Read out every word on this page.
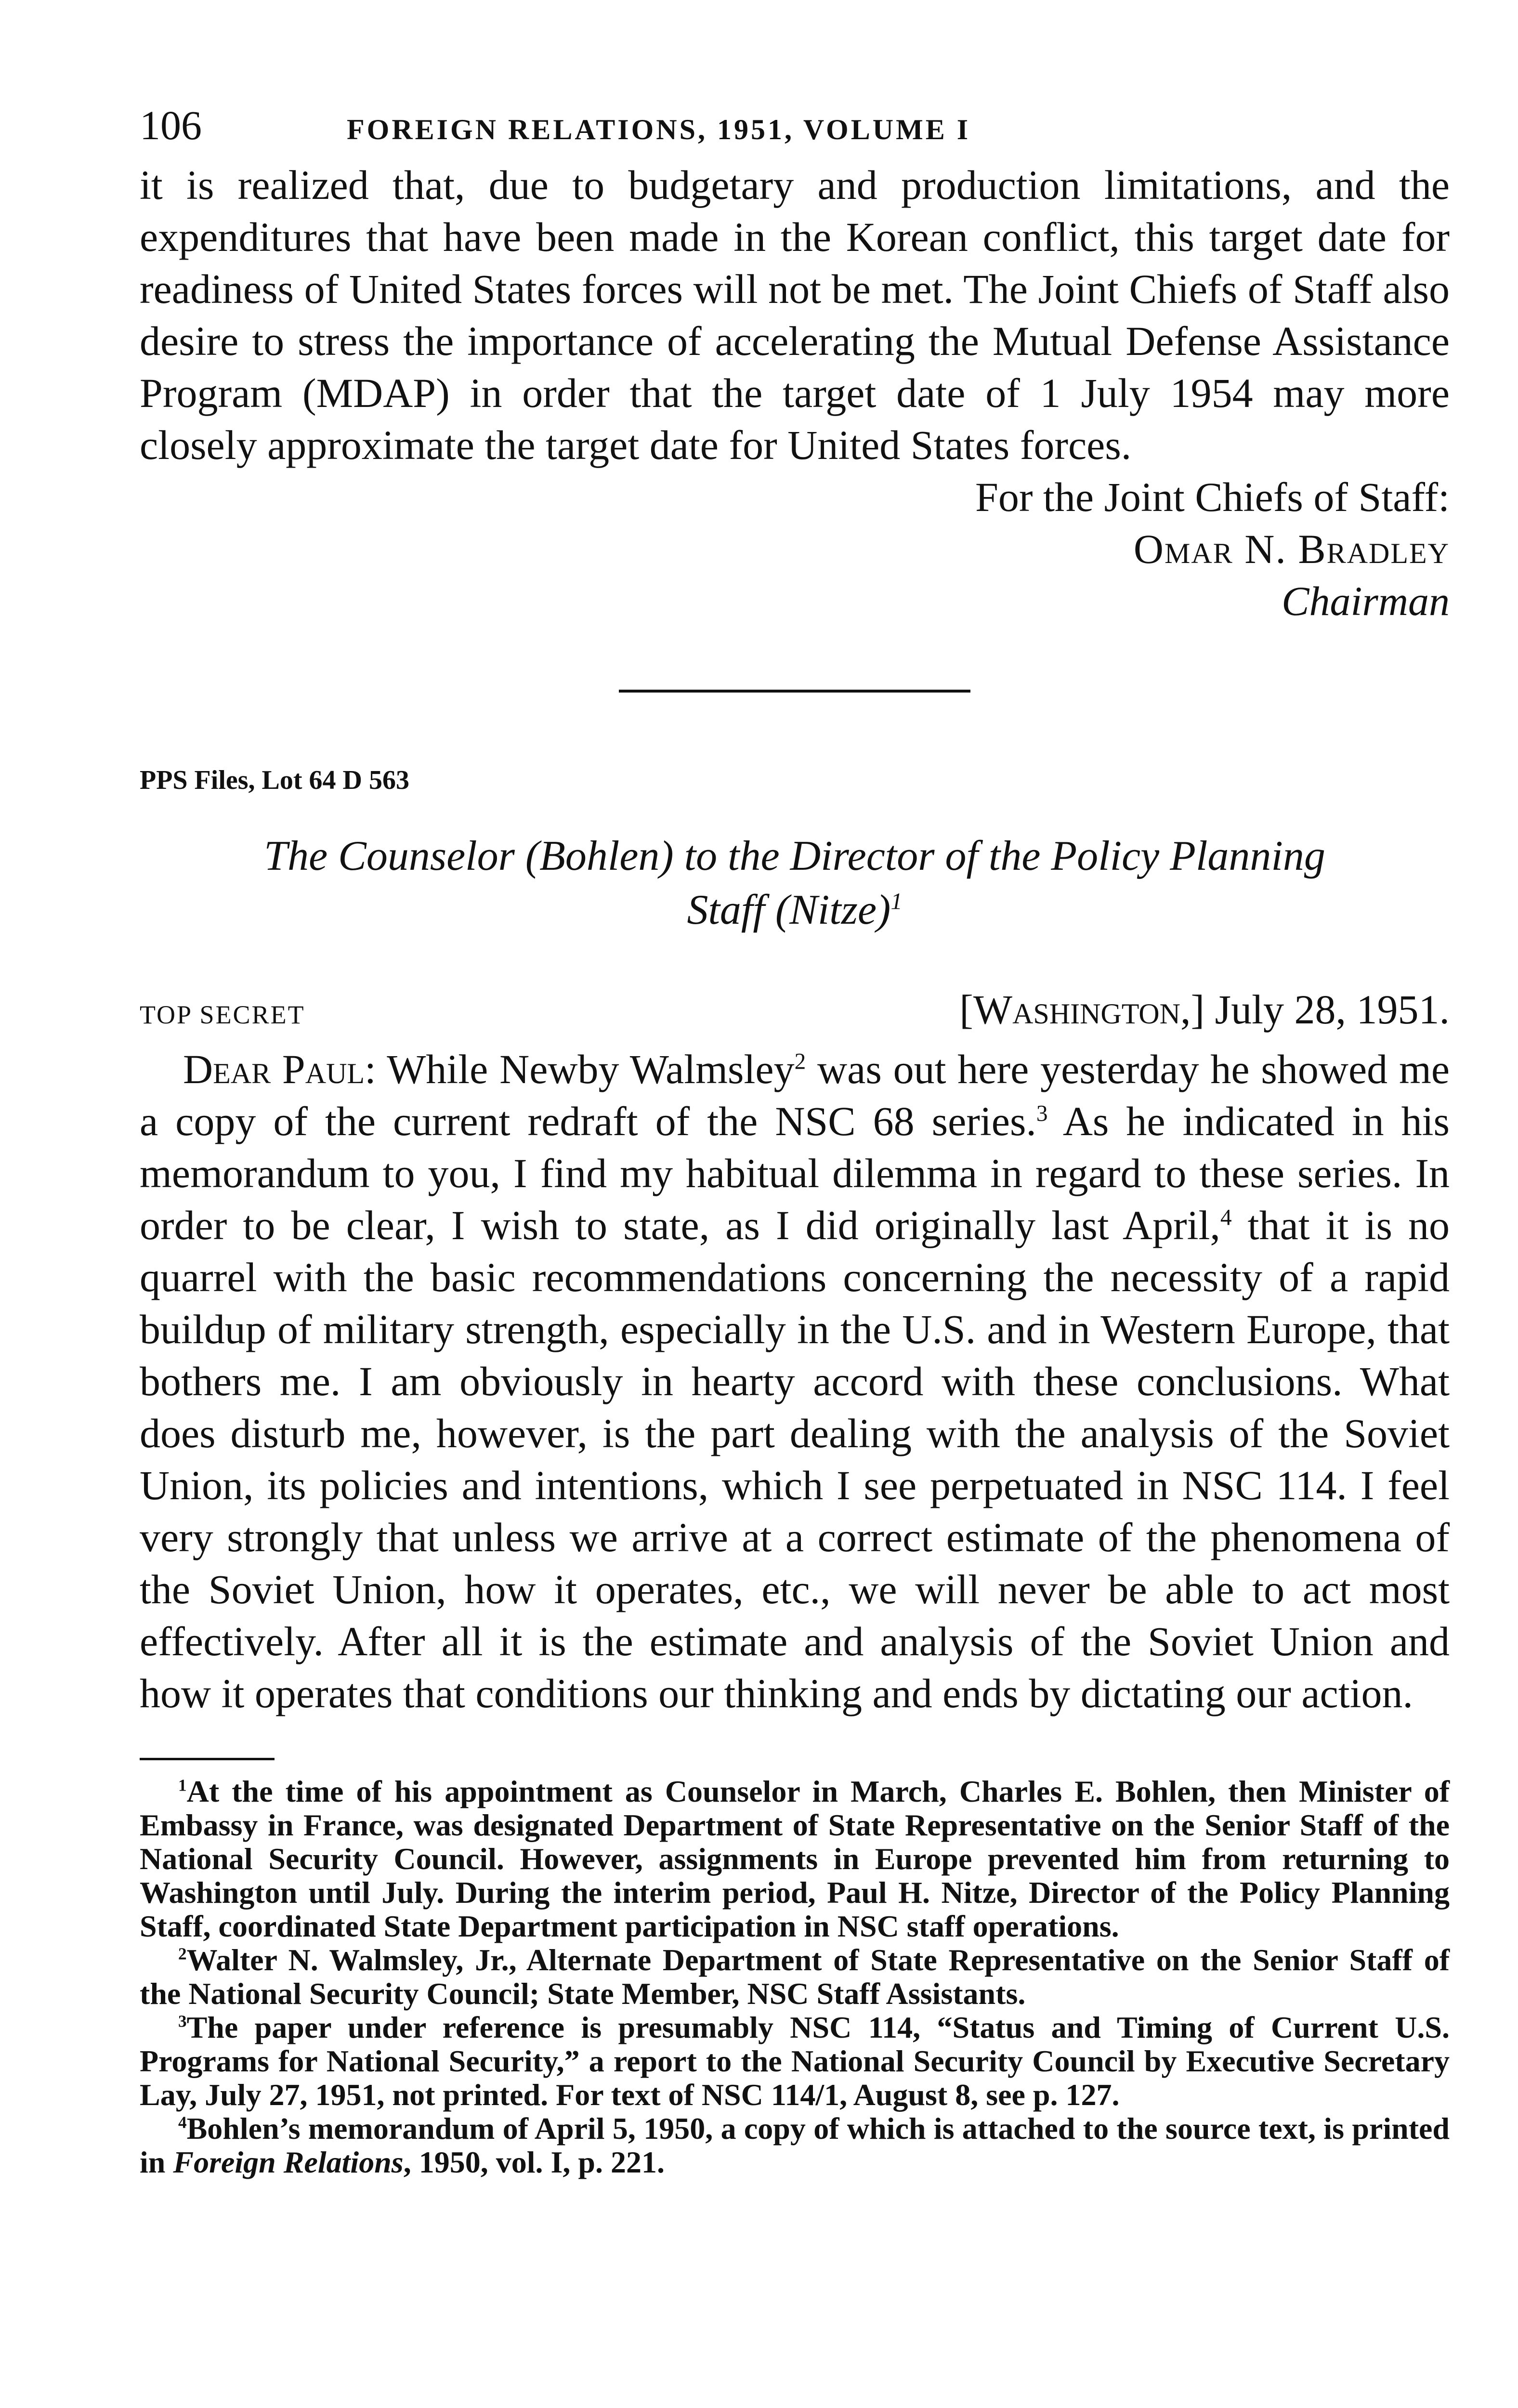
106	FOREIGN RELATIONS, 1951, VOLUME I

it is realized that, due to budgetary and production limitations, and the expenditures that have been made in the Korean conflict, this target date for readiness of United States forces will not be met. The Joint Chiefs of Staff also desire to stress the importance of accelerating the Mutual Defense Assistance Program (MDAP) in order that the target date of 1 July 1954 may more closely approximate the target date for United States forces.

For the Joint Chiefs of Staff:
Omar N. Bradley
Chairman
PPS Files, Lot 64 D 563
The Counselor (Bohlen) to the Director of the Policy Planning
Staff (Nitze)$^1$
TOP SECRET	[Washington,] July 28, 1951.

Dear Paul: While Newby Walmsley$^2$ was out here yesterday he showed me a copy of the current redraft of the NSC 68 series.$^3$ As he indicated in his memorandum to you, I find my habitual dilemma in regard to these series. In order to be clear, I wish to state, as I did originally last April,$^4$ that it is no quarrel with the basic recommendations concerning the necessity of a rapid buildup of military strength, especially in the U.S. and in Western Europe, that bothers me. I am obviously in hearty accord with these conclusions. What does disturb me, however, is the part dealing with the analysis of the Soviet Union, its policies and intentions, which I see perpetuated in NSC 114. I feel very strongly that unless we arrive at a correct estimate of the phenomena of the Soviet Union, how it operates, etc., we will never be able to act most effectively. After all it is the estimate and analysis of the Soviet Union and how it operates that conditions our thinking and ends by dictating our action.

$^1$At the time of his appointment as Counselor in March, Charles E. Bohlen, then Minister of Embassy in France, was designated Department of State Representative on the Senior Staff of the National Security Council. However, assignments in Europe prevented him from returning to Washington until July. During the interim period, Paul H. Nitze, Director of the Policy Planning Staff, coordinated State Department participation in NSC staff operations.

$^2$Walter N. Walmsley, Jr., Alternate Department of State Representative on the Senior Staff of the National Security Council; State Member, NSC Staff Assistants.

$^3$The paper under reference is presumably NSC 114, “Status and Timing of Current U.S. Programs for National Security,” a report to the National Security Council by Executive Secretary Lay, July 27, 1951, not printed. For text of NSC 114/1, August 8, see p. 127.

$^4$Bohlen’s memorandum of April 5, 1950, a copy of which is attached to the source text, is printed in Foreign Relations, 1950, vol. I, p. 221.
